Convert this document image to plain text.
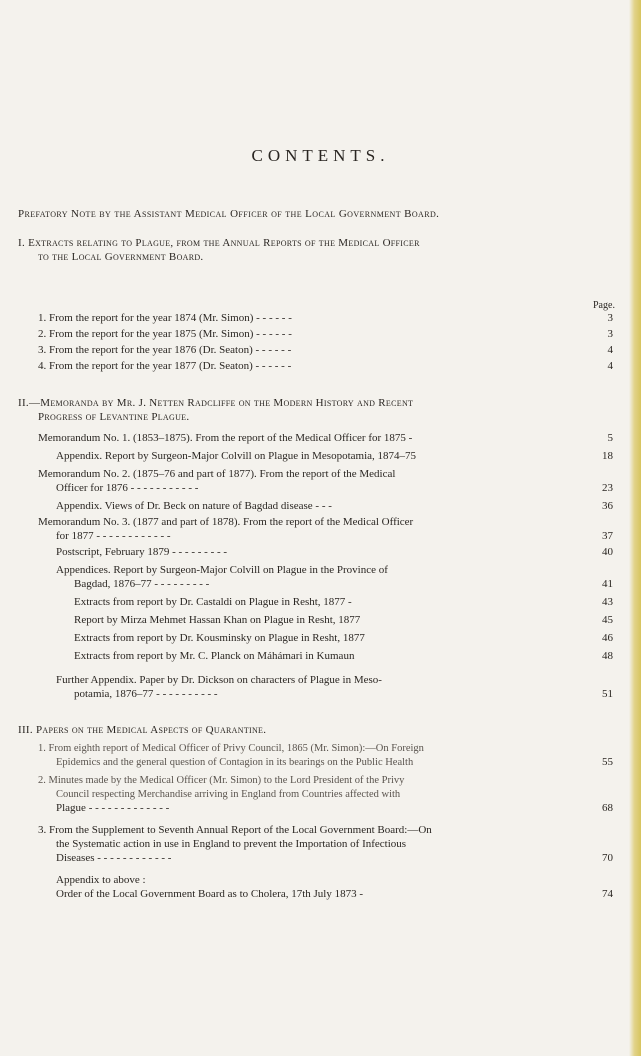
CONTENTS.
Prefatory Note by the Assistant Medical Officer of the Local Government Board.
I. Extracts relating to Plague, from the Annual Reports of the Medical Officer
to the Local Government Board.
Page.
1. From the report for the year 1874 (Mr. Simon) - - - - - -	3
2. From the report for the year 1875 (Mr. Simon) - - - - - -	3
3. From the report for the year 1876 (Dr. Seaton) - - - - - -	4
4. From the report for the year 1877 (Dr. Seaton) - - - - - -	4
II.—Memoranda by Mr. J. Netten Radcliffe on the Modern History and Recent
Progress of Levantine Plague.
Memorandum No. 1. (1853–1875). From the report of the Medical Officer for 1875 -	5
Appendix. Report by Surgeon-Major Colvill on Plague in Mesopotamia, 1874–75	18
Memorandum No. 2. (1875–76 and part of 1877). From the report of the Medical
Officer for 1876 - - - - - - - - - - -	23
Appendix. Views of Dr. Beck on nature of Bagdad disease - - -	36
Memorandum No. 3. (1877 and part of 1878). From the report of the Medical Officer
for 1877 - - - - - - - - - - - -	37
Postscript, February 1879 - - - - - - - - -	40
Appendices. Report by Surgeon-Major Colvill on Plague in the Province of
Bagdad, 1876–77 - - - - - - - - -	41
Extracts from report by Dr. Castaldi on Plague in Resht, 1877 -	43
Report by Mirza Mehmet Hassan Khan on Plague in Resht, 1877	45
Extracts from report by Dr. Kousminsky on Plague in Resht, 1877	46
Extracts from report by Mr. C. Planck on Máhámari in Kumaun	48
Further Appendix. Paper by Dr. Dickson on characters of Plague in Meso-
potamia, 1876–77 - - - - - - - - - -	51
III. Papers on the Medical Aspects of Quarantine.
1. From eighth report of Medical Officer of Privy Council, 1865 (Mr. Simon):—On Foreign
Epidemics and the general question of Contagion in its bearings on the Public Health	55
2. Minutes made by the Medical Officer (Mr. Simon) to the Lord President of the Privy
Council respecting Merchandise arriving in England from Countries affected with
Plague - - - - - - - - - - - - -	68
3. From the Supplement to Seventh Annual Report of the Local Government Board:—On
the Systematic action in use in England to prevent the Importation of Infectious
Diseases - - - - - - - - - - - -	70
Appendix to above :
Order of the Local Government Board as to Cholera, 17th July 1873 -	74
